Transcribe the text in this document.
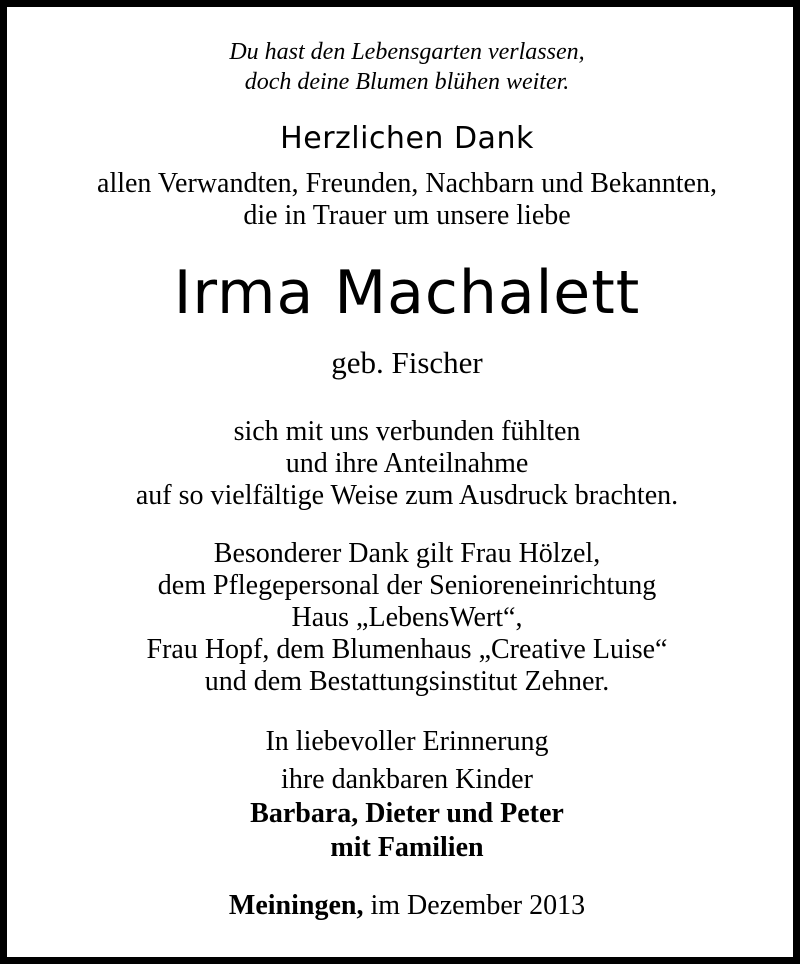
Du hast den Lebensgarten verlassen,
doch deine Blumen blühen weiter.
Herzlichen Dank
allen Verwandten, Freunden, Nachbarn und Bekannten,
die in Trauer um unsere liebe
Irma Machalett
geb. Fischer
sich mit uns verbunden fühlten
und ihre Anteilnahme
auf so vielfältige Weise zum Ausdruck brachten.
Besonderer Dank gilt Frau Hölzel,
dem Pflegepersonal der Senioreneinrichtung
Haus „LebensWert“,
Frau Hopf, dem Blumenhaus „Creative Luise“
und dem Bestattungsinstitut Zehner.
In liebevoller Erinnerung
ihre dankbaren Kinder
Barbara, Dieter und Peter
mit Familien
Meiningen, im Dezember 2013
